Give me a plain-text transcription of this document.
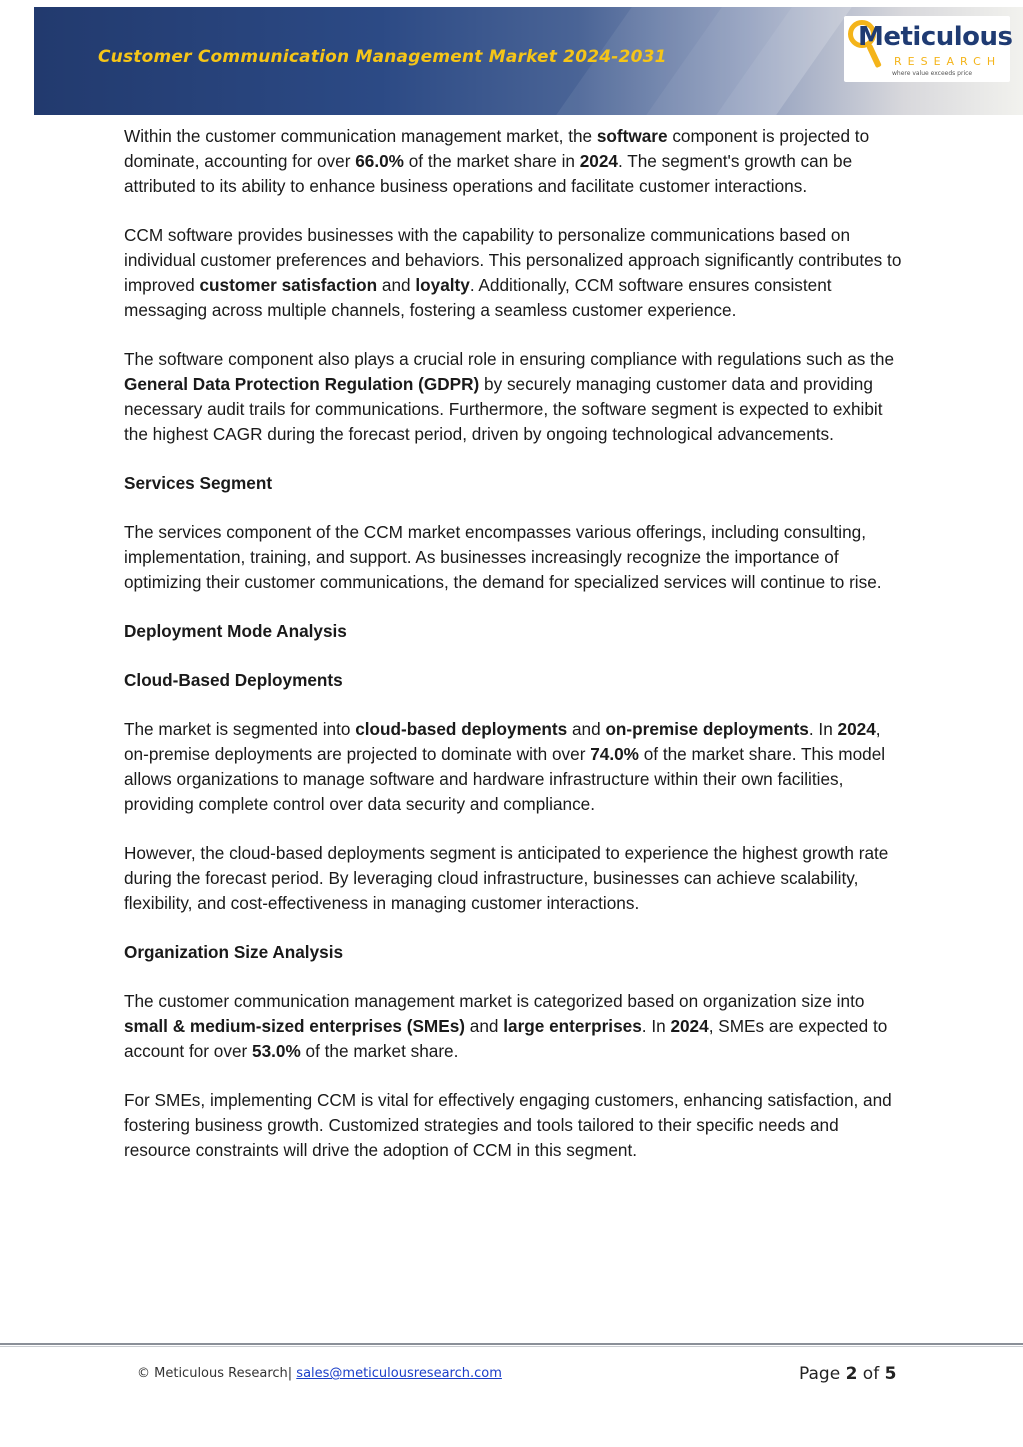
Customer Communication Management Market 2024-2031
Meticulous
RESEARCH
where value exceeds price

Within the customer communication management market, the software component is projected to dominate, accounting for over 66.0% of the market share in 2024. The segment's growth can be attributed to its ability to enhance business operations and facilitate customer interactions.

CCM software provides businesses with the capability to personalize communications based on individual customer preferences and behaviors. This personalized approach significantly contributes to improved customer satisfaction and loyalty. Additionally, CCM software ensures consistent messaging across multiple channels, fostering a seamless customer experience.

The software component also plays a crucial role in ensuring compliance with regulations such as the General Data Protection Regulation (GDPR) by securely managing customer data and providing necessary audit trails for communications. Furthermore, the software segment is expected to exhibit the highest CAGR during the forecast period, driven by ongoing technological advancements.

Services Segment

The services component of the CCM market encompasses various offerings, including consulting, implementation, training, and support. As businesses increasingly recognize the importance of optimizing their customer communications, the demand for specialized services will continue to rise.

Deployment Mode Analysis
Cloud-Based Deployments

The market is segmented into cloud-based deployments and on-premise deployments. In 2024, on-premise deployments are projected to dominate with over 74.0% of the market share. This model allows organizations to manage software and hardware infrastructure within their own facilities, providing complete control over data security and compliance.

However, the cloud-based deployments segment is anticipated to experience the highest growth rate during the forecast period. By leveraging cloud infrastructure, businesses can achieve scalability, flexibility, and cost-effectiveness in managing customer interactions.

Organization Size Analysis

The customer communication management market is categorized based on organization size into small & medium-sized enterprises (SMEs) and large enterprises. In 2024, SMEs are expected to account for over 53.0% of the market share.

For SMEs, implementing CCM is vital for effectively engaging customers, enhancing satisfaction, and fostering business growth. Customized strategies and tools tailored to their specific needs and resource constraints will drive the adoption of CCM in this segment.

© Meticulous Research| sales@meticulousresearch.com	Page 2 of 5
